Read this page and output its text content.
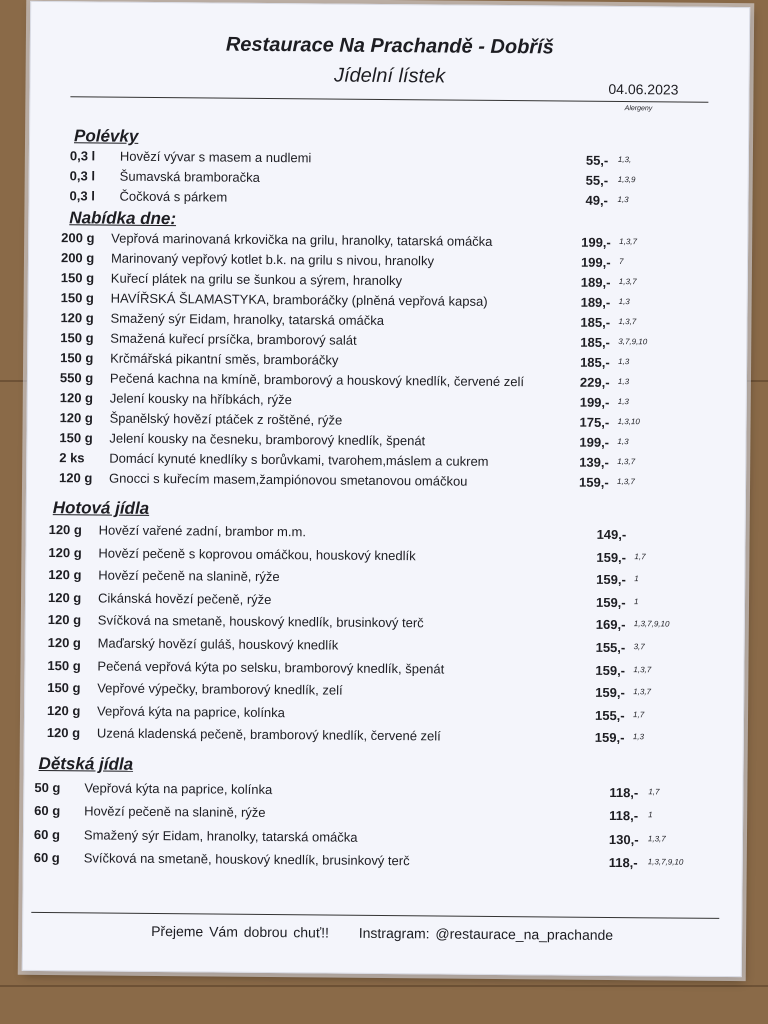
Restaurace Na Prachandě - Dobříš
Jídelní lístek
04.06.2023
Alergeny
Polévky
0,3 l	Hovězí vývar s masem a nudlemi	55,- 1,3,
0,3 l	Šumavská bramboračka	55,- 1,3,9
0,3 l	Čočková s párkem	49,- 1,3
Nabídka dne:
200 g	Vepřová marinovaná krkovička na grilu, hranolky, tatarská omáčka	199,- 1,3,7
200 g	Marinovaný vepřový kotlet b.k. na grilu s nivou, hranolky	199,- 7
150 g	Kuřecí plátek na grilu se šunkou a sýrem, hranolky	189,- 1,3,7
150 g	HAVÍŘSKÁ ŠLAMASTYKA, bramboráčky (plněná vepřová kapsa)	189,- 1,3
120 g	Smažený sýr Eidam, hranolky, tatarská omáčka	185,- 1,3,7
150 g	Smažená kuřecí prsíčka, bramborový salát	185,- 3,7,9,10
150 g	Krčmářská pikantní směs, bramboráčky	185,- 1,3
550 g	Pečená kachna na kmíně, bramborový a houskový knedlík, červené zelí	229,- 1,3
120 g	Jelení kousky na hříbkách, rýže	199,- 1,3
120 g	Španělský hovězí ptáček z roštěné, rýže	175,- 1,3,10
150 g	Jelení kousky na česneku, bramborový knedlík, špenát	199,- 1,3
2 ks	Domácí kynuté knedlíky s borůvkami, tvarohem,máslem a cukrem	139,- 1,3,7
120 g	Gnocci s kuřecím masem,žampiónovou smetanovou omáčkou	159,- 1,3,7
Hotová jídla
120 g	Hovězí vařené zadní, brambor m.m.	149,-
120 g	Hovězí pečeně s koprovou omáčkou, houskový knedlík	159,- 1,7
120 g	Hovězí pečeně na slanině, rýže	159,- 1
120 g	Cikánská hovězí pečeně, rýže	159,- 1
120 g	Svíčková na smetaně, houskový knedlík, brusinkový terč	169,- 1,3,7,9,10
120 g	Maďarský hovězí guláš, houskový knedlík	155,- 3,7
150 g	Pečená vepřová kýta po selsku, bramborový knedlík, špenát	159,- 1,3,7
150 g	Vepřové výpečky, bramborový knedlík, zelí	159,- 1,3,7
120 g	Vepřová kýta na paprice, kolínka	155,- 1,7
120 g	Uzená kladenská pečeně, bramborový knedlík, červené zelí	159,- 1,3
Dětská jídla
50 g	Vepřová kýta na paprice, kolínka	118,- 1,7
60 g	Hovězí pečeně na slanině, rýže	118,- 1
60 g	Smažený sýr Eidam, hranolky, tatarská omáčka	130,- 1,3,7
60 g	Svíčková na smetaně, houskový knedlík, brusinkový terč	118,- 1,3,7,9,10
Přejeme Vám dobrou chuť!! Instragram: @restaurace_na_prachande
